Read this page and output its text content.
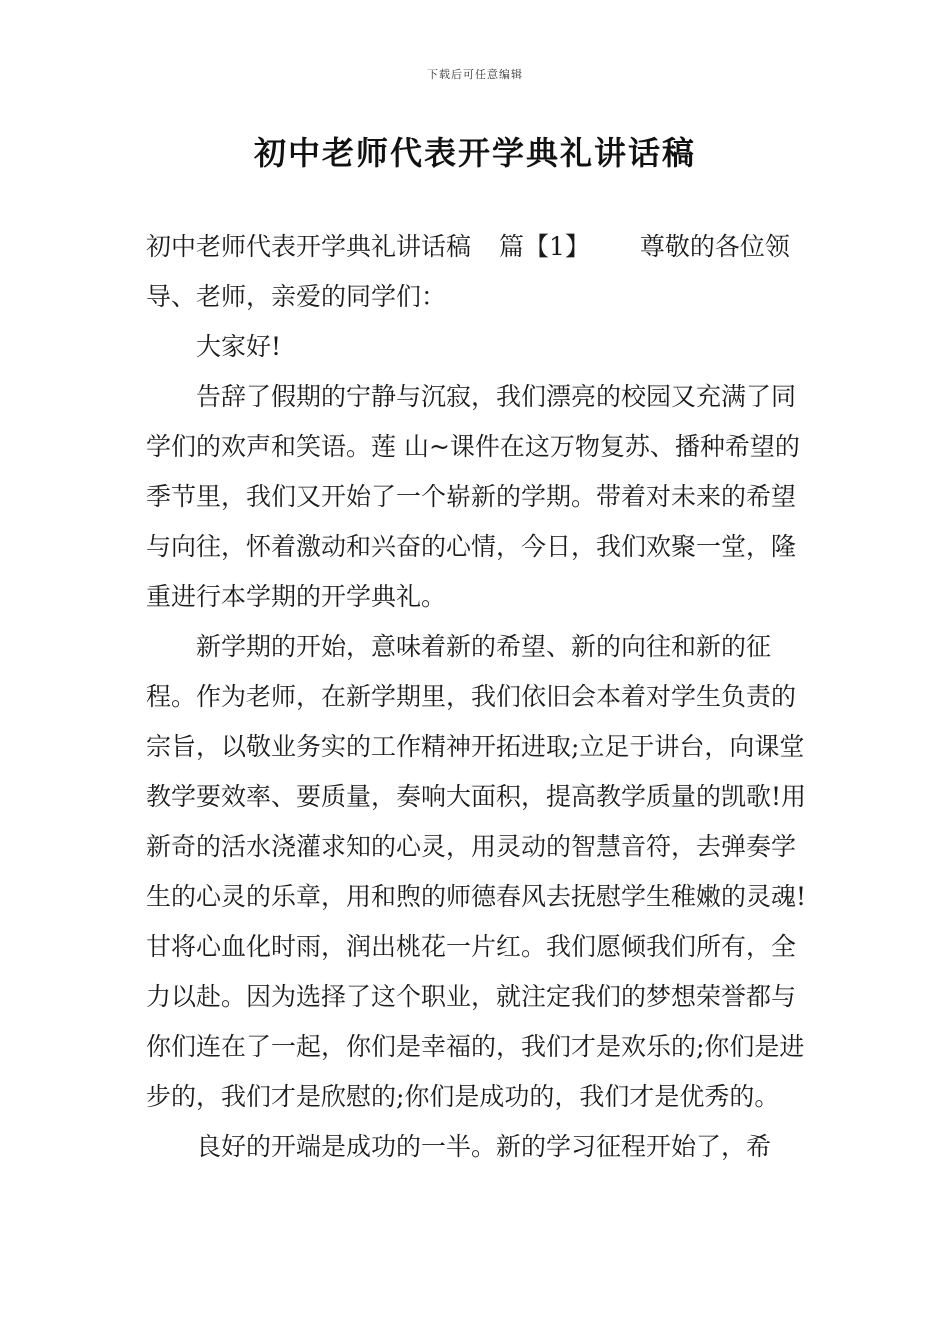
下载后可任意编辑
初中老师代表开学典礼讲话稿

初中老师代表开学典礼讲话稿 篇【1】 尊敬的各位领导、老师，亲爱的同学们：

大家好!

告辞了假期的宁静与沉寂，我们漂亮的校园又充满了同学们的欢声和笑语。莲 山~课件在这万物复苏、播种希望的季节里，我们又开始了一个崭新的学期。带着对未来的希望与向往，怀着激动和兴奋的心情，今日，我们欢聚一堂，隆重进行本学期的开学典礼。

新学期的开始，意味着新的希望、新的向往和新的征程。作为老师，在新学期里，我们依旧会本着对学生负责的宗旨，以敬业务实的工作精神开拓进取;立足于讲台，向课堂教学要效率、要质量，奏响大面积，提高教学质量的凯歌!用新奇的活水浇灌求知的心灵，用灵动的智慧音符，去弹奏学生的心灵的乐章，用和煦的师德春风去抚慰学生稚嫩的灵魂!甘将心血化时雨，润出桃花一片红。我们愿倾我们所有，全力以赴。因为选择了这个职业，就注定我们的梦想荣誉都与你们连在了一起，你们是幸福的，我们才是欢乐的;你们是进步的，我们才是欣慰的;你们是成功的，我们才是优秀的。

良好的开端是成功的一半。新的学习征程开始了，希
